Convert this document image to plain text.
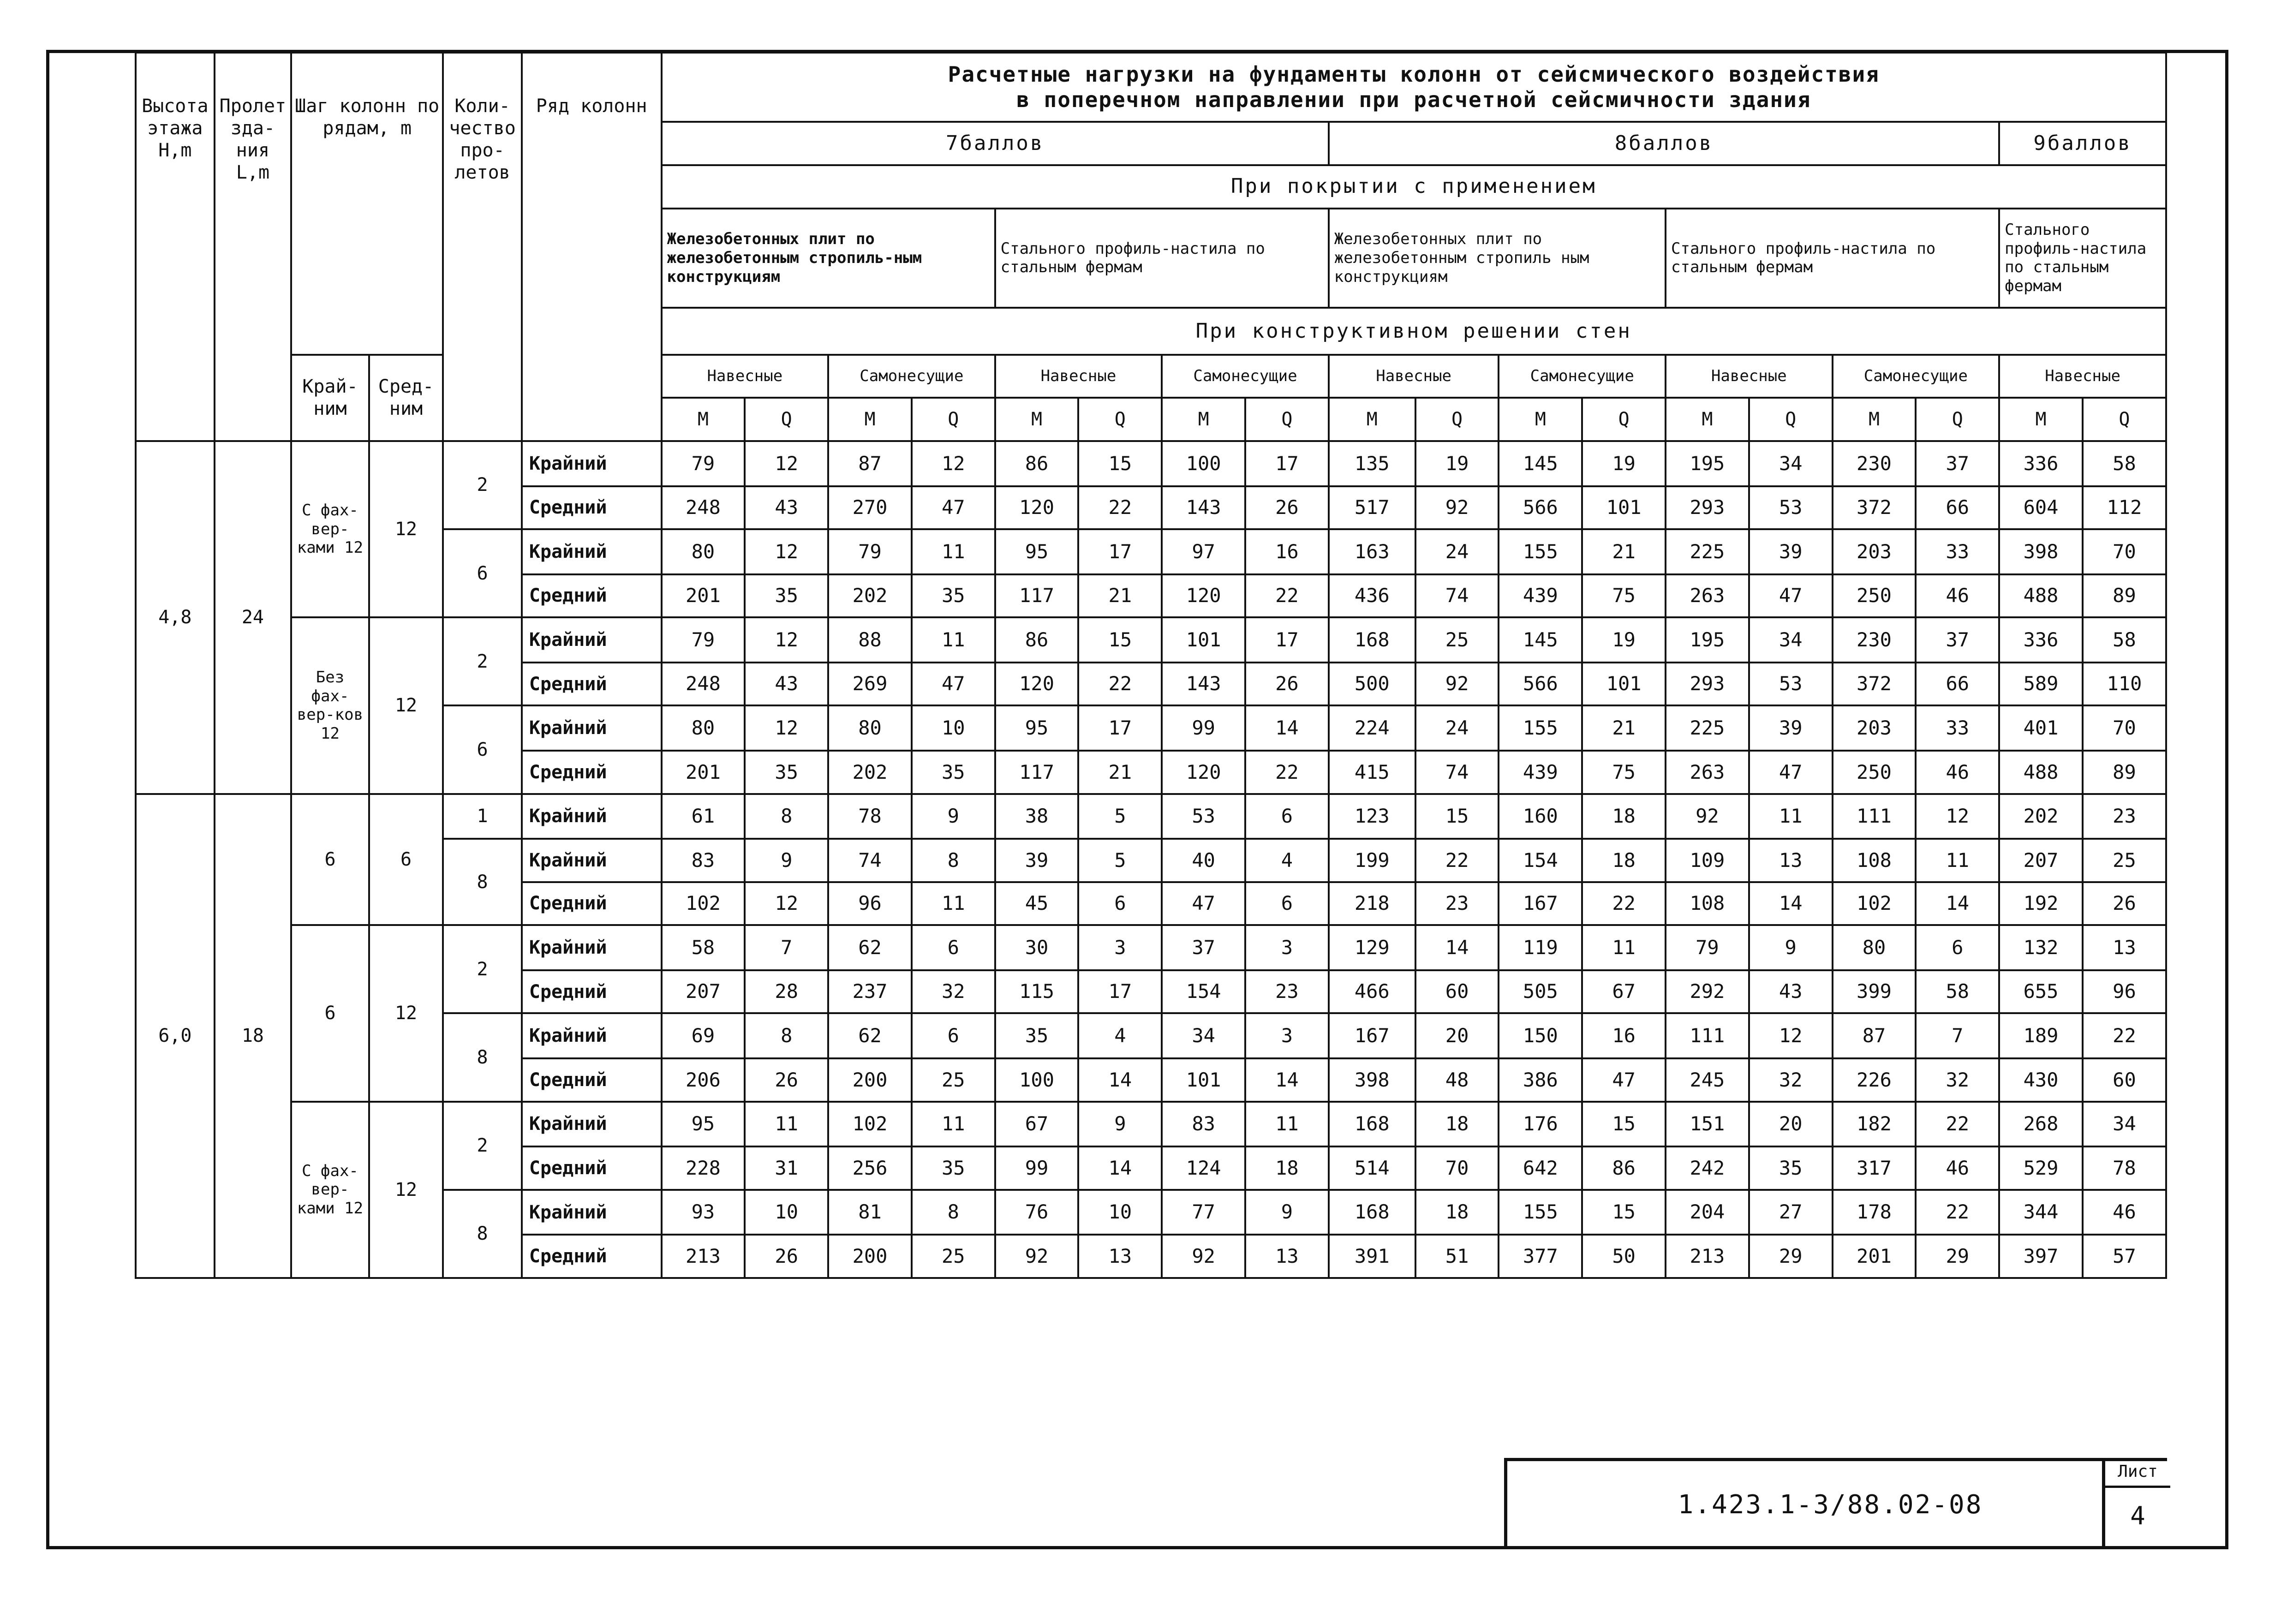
Высота этажа Н,m	Пролет зда-ния L,m	Шаг колонн по рядам, m		Коли-чество про-летов	Ряд колонн	Расчетные нагрузки на фундаменты колонн от сейсмического воздействия
в поперечном направлении при расчетной сейсмичности здания																	

						7баллов								8баллов								9баллов	
						При покрытии с применением																	
						Железобетонных плит по железобетонным стропиль-ным конструкциям				Стального профиль-настила по стальным фермам				Железобетонных плит по железобетонным стропиль ным конструкциям				Стального профиль-настила по стальным фермам				Стального профиль-настила по стальным фермам	
						При конструктивном решении стен																	
		Край-ним	Сред-ним			Навесные		Самонесущие		Навесные		Самонесущие		Навесные		Самонесущие		Навесные		Самонесущие		Навесные	
						M	Q	M	Q	M	Q	M	Q	M	Q	M	Q	M	Q	M	Q	M	Q
4,8	24	С фах-вер-ками 12	12	2	Крайний	79	12	87	12	86	15	100	17	135	19	145	19	195	34	230	37	336	58
					Средний	248	43	270	47	120	22	143	26	517	92	566	101	293	53	372	66	604	112
				6	Крайний	80	12	79	11	95	17	97	16	163	24	155	21	225	39	203	33	398	70
					Средний	201	35	202	35	117	21	120	22	436	74	439	75	263	47	250	46	488	89
		Без фах-вер-ков 12	12	2	Крайний	79	12	88	11	86	15	101	17	168	25	145	19	195	34	230	37	336	58
					Средний	248	43	269	47	120	22	143	26	500	92	566	101	293	53	372	66	589	110
				6	Крайний	80	12	80	10	95	17	99	14	224	24	155	21	225	39	203	33	401	70
					Средний	201	35	202	35	117	21	120	22	415	74	439	75	263	47	250	46	488	89
6,0	18	6	6	1	Крайний	61	8	78	9	38	5	53	6	123	15	160	18	92	11	111	12	202	23
				8	Крайний	83	9	74	8	39	5	40	4	199	22	154	18	109	13	108	11	207	25
					Средний	102	12	96	11	45	6	47	6	218	23	167	22	108	14	102	14	192	26
		6	12	2	Крайний	58	7	62	6	30	3	37	3	129	14	119	11	79	9	80	6	132	13
					Средний	207	28	237	32	115	17	154	23	466	60	505	67	292	43	399	58	655	96
				8	Крайний	69	8	62	6	35	4	34	3	167	20	150	16	111	12	87	7	189	22
					Средний	206	26	200	25	100	14	101	14	398	48	386	47	245	32	226	32	430	60
		С фах-вер-ками 12	12	2	Крайний	95	11	102	11	67	9	83	11	168	18	176	15	151	20	182	22	268	34
					Средний	228	31	256	35	99	14	124	18	514	70	642	86	242	35	317	46	529	78
				8	Крайний	93	10	81	8	76	10	77	9	168	18	155	15	204	27	178	22	344	46
					Средний	213	26	200	25	92	13	92	13	391	51	377	50	213	29	201	29	397	57
1.423.1-3/88.02-08
Лист
4
